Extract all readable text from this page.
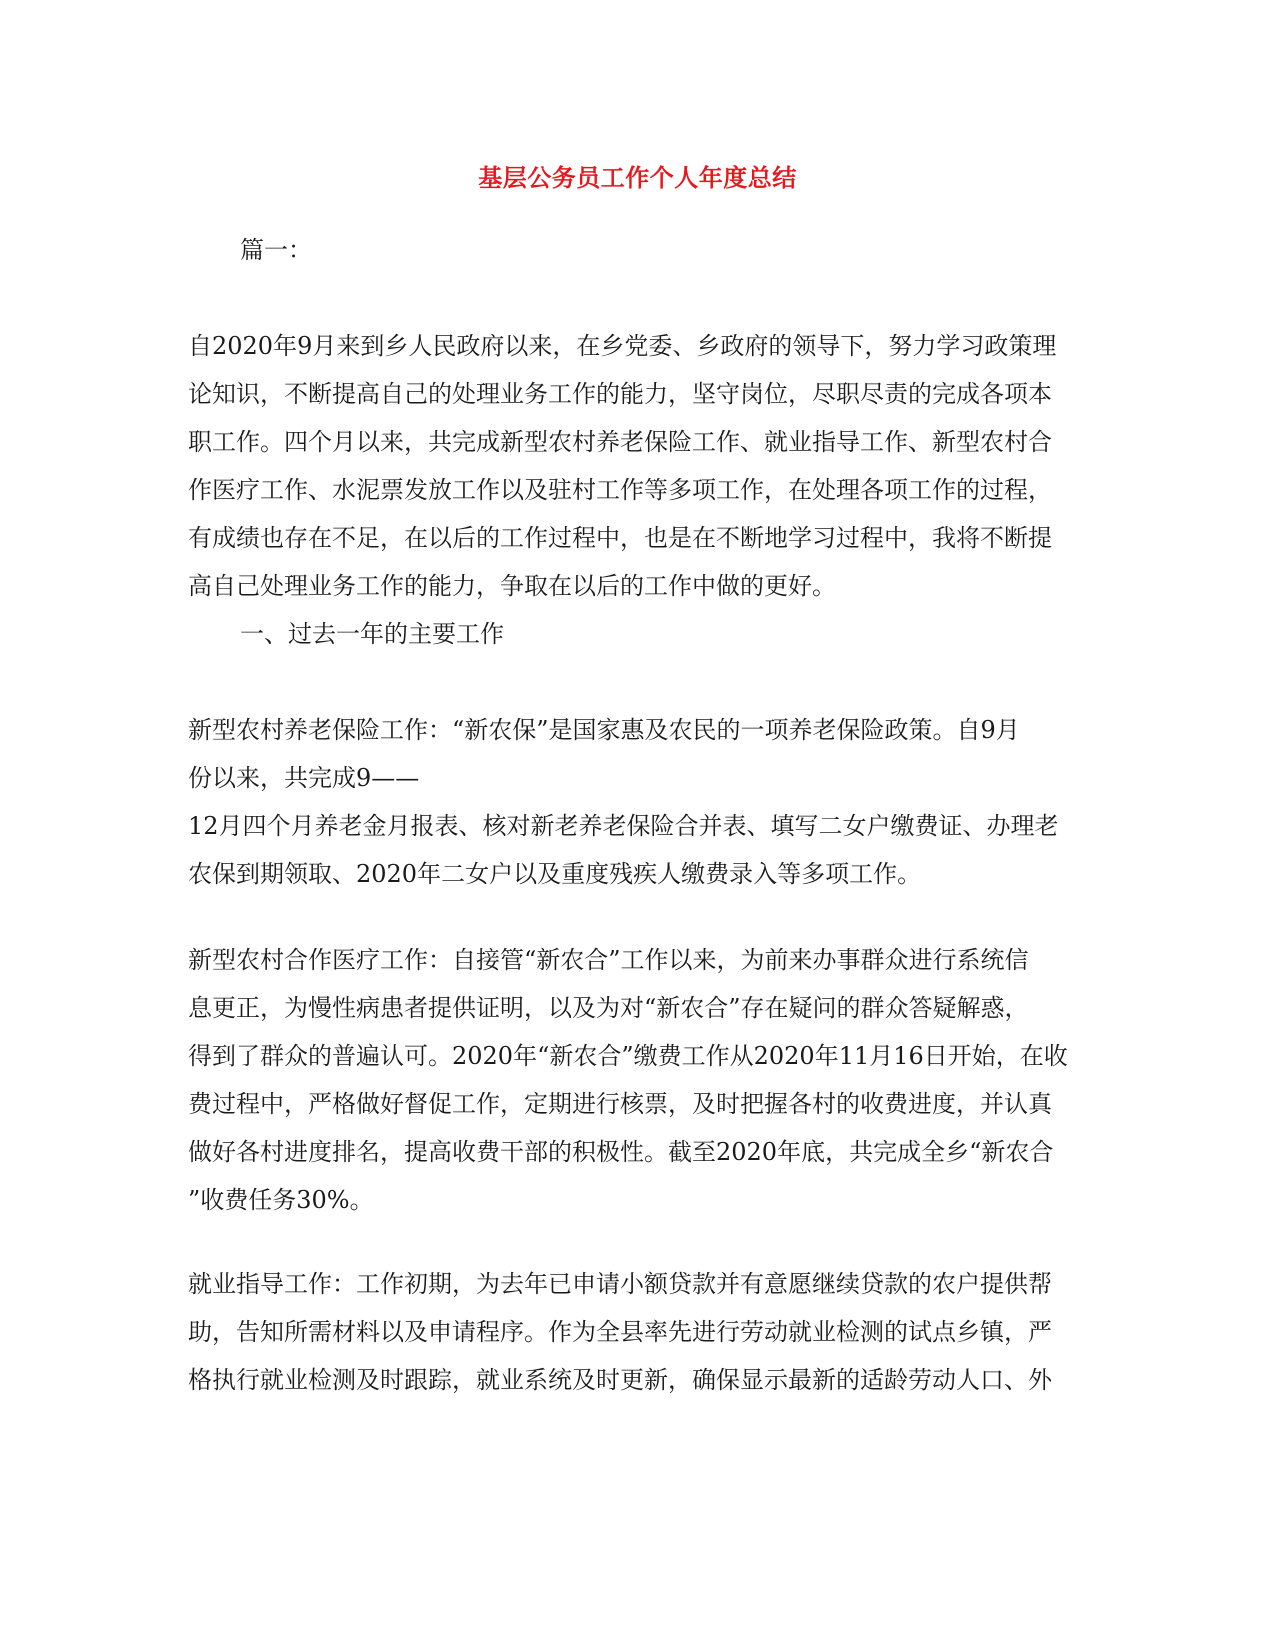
基层公务员工作个人年度总结
篇一：
自2020年9月来到乡人民政府以来，在乡党委、乡政府的领导下，努力学习政策理
论知识，不断提高自己的处理业务工作的能力，坚守岗位，尽职尽责的完成各项本
职工作。四个月以来，共完成新型农村养老保险工作、就业指导工作、新型农村合
作医疗工作、水泥票发放工作以及驻村工作等多项工作，在处理各项工作的过程，
有成绩也存在不足，在以后的工作过程中，也是在不断地学习过程中，我将不断提
高自己处理业务工作的能力，争取在以后的工作中做的更好。
一、过去一年的主要工作
新型农村养老保险工作：“新农保”是国家惠及农民的一项养老保险政策。自9月
份以来，共完成9——
12月四个月养老金月报表、核对新老养老保险合并表、填写二女户缴费证、办理老
农保到期领取、2020年二女户以及重度残疾人缴费录入等多项工作。
新型农村合作医疗工作：自接管“新农合”工作以来，为前来办事群众进行系统信
息更正，为慢性病患者提供证明，以及为对“新农合”存在疑问的群众答疑解惑，
得到了群众的普遍认可。2020年“新农合”缴费工作从2020年11月16日开始，在收
费过程中，严格做好督促工作，定期进行核票，及时把握各村的收费进度，并认真
做好各村进度排名，提高收费干部的积极性。截至2020年底，共完成全乡“新农合
”收费任务30%。
就业指导工作：工作初期，为去年已申请小额贷款并有意愿继续贷款的农户提供帮
助，告知所需材料以及申请程序。作为全县率先进行劳动就业检测的试点乡镇，严
格执行就业检测及时跟踪，就业系统及时更新，确保显示最新的适龄劳动人口、外
